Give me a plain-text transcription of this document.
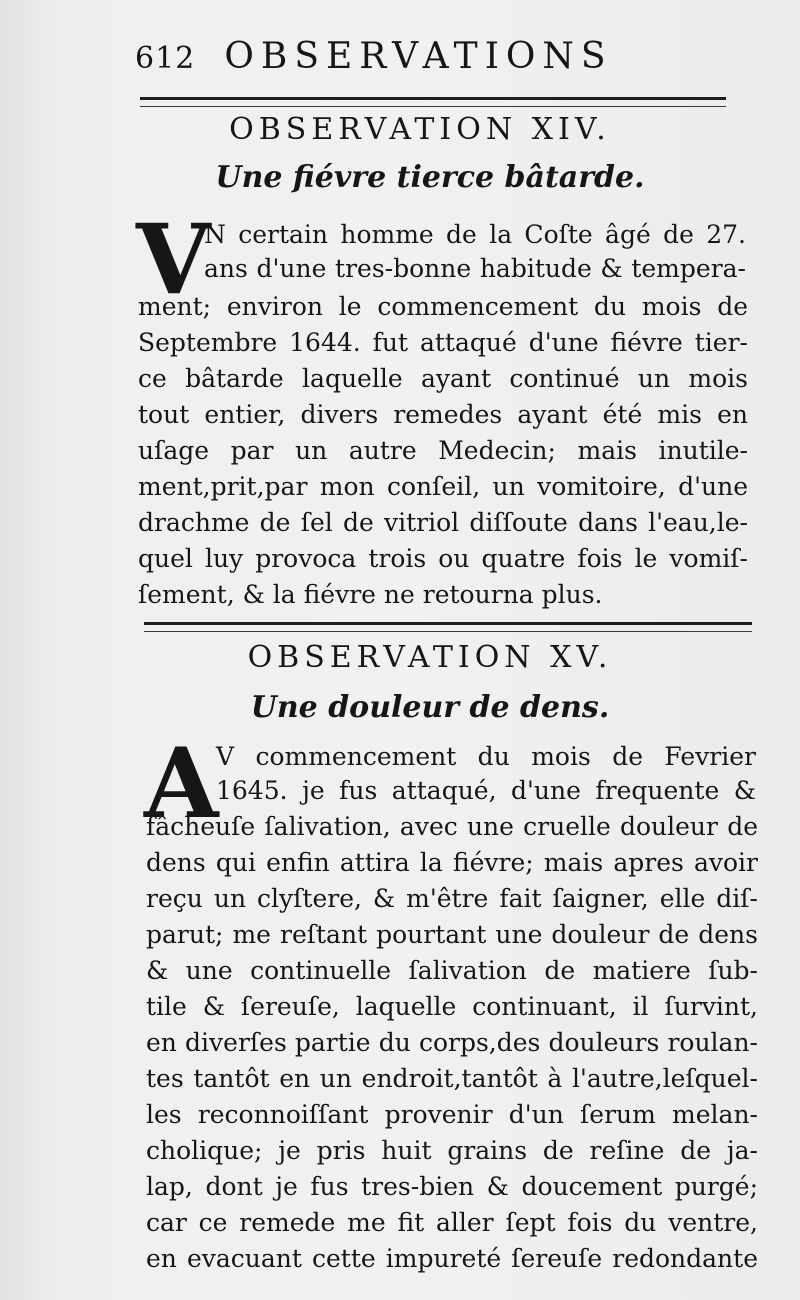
612 OBSERVATIONS
OBSERVATION XIV.
Une fiévre tierce bâtarde.
V
N certain homme de la Coſte âgé de 27.
ans d'une tres-bonne habitude & tempera-
ment; environ le commencement du mois de
Septembre 1644. fut attaqué d'une fiévre tier-
ce bâtarde laquelle ayant continué un mois
tout entier, divers remedes ayant été mis en
uſage par un autre Medecin; mais inutile-
ment,prit,par mon conſeil, un vomitoire, d'une
drachme de ſel de vitriol diſſoute dans l'eau,le-
quel luy provoca trois ou quatre fois le vomiſ-
ſement, & la fiévre ne retourna plus.
OBSERVATION XV.
Une douleur de dens.
A
V commencement du mois de Fevrier
1645. je fus attaqué, d'une frequente &
fâcheuſe ſalivation, avec une cruelle douleur de
dens qui enfin attira la fiévre; mais apres avoir
reçu un clyſtere, & m'être fait ſaigner, elle diſ-
parut; me reſtant pourtant une douleur de dens
& une continuelle ſalivation de matiere ſub-
tile & ſereuſe, laquelle continuant, il ſurvint,
en diverſes partie du corps,des douleurs roulan-
tes tantôt en un endroit,tantôt à l'autre,leſquel-
les reconnoiſſant provenir d'un ſerum melan-
cholique; je pris huit grains de reſine de ja-
lap, dont je fus tres-bien & doucement purgé;
car ce remede me fit aller ſept fois du ventre,
en evacuant cette impureté ſereuſe redondante
